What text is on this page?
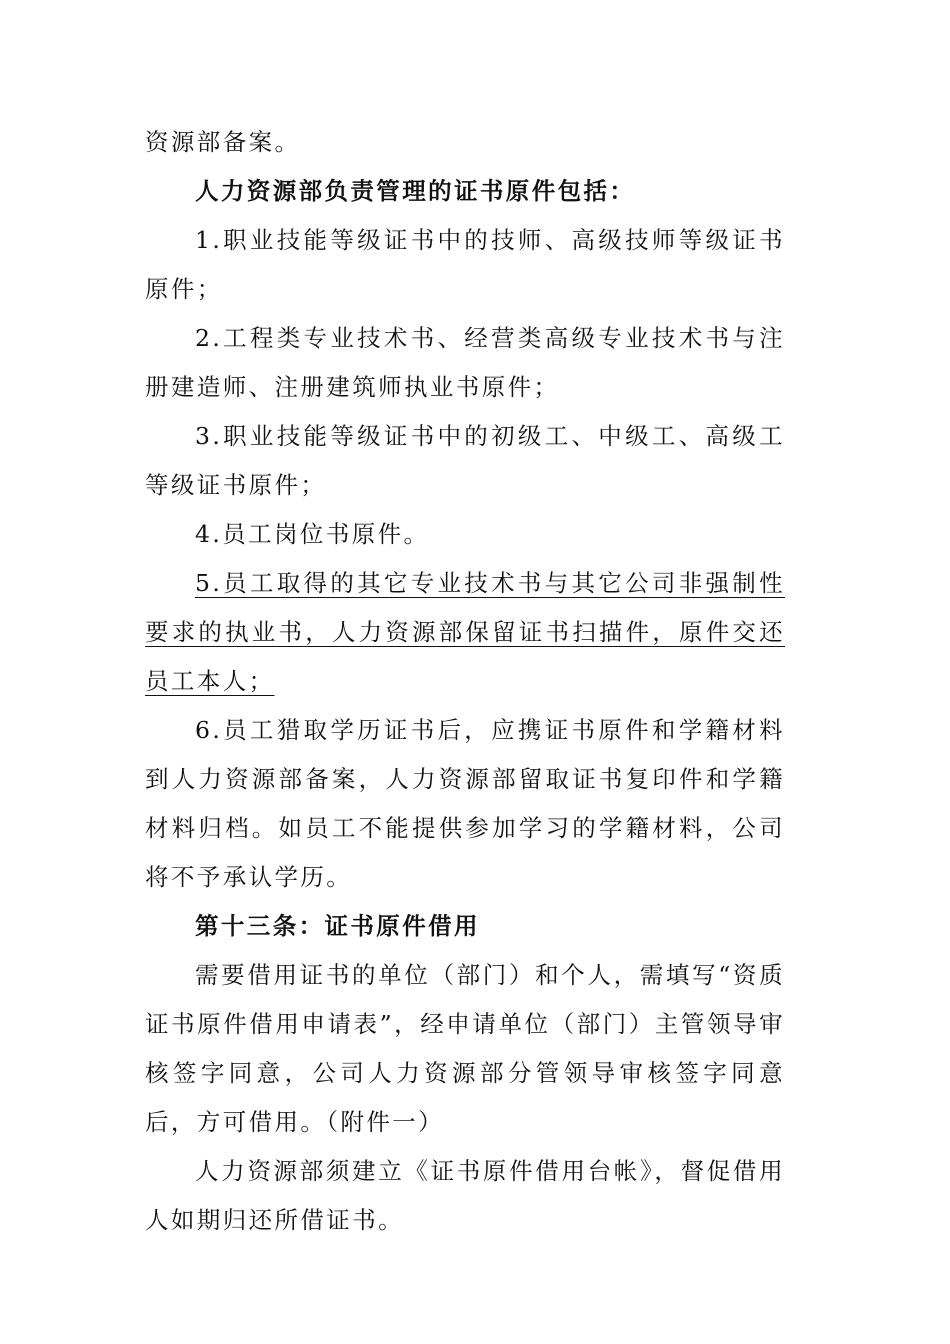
资源部备案。

人力资源部负责管理的证书原件包括：

1.职业技能等级证书中的技师、高级技师等级证书原件；

2.工程类专业技术书、经营类高级专业技术书与注册建造师、注册建筑师执业书原件；

3.职业技能等级证书中的初级工、中级工、高级工等级证书原件；

4.员工岗位书原件。

5.员工取得的其它专业技术书与其它公司非强制性要求的执业书，人力资源部保留证书扫描件，原件交还员工本人；

6.员工猎取学历证书后，应携证书原件和学籍材料到人力资源部备案，人力资源部留取证书复印件和学籍材料归档。如员工不能提供参加学习的学籍材料，公司将不予承认学历。

第十三条：证书原件借用

需要借用证书的单位（部门）和个人，需填写“资质证书原件借用申请表”，经申请单位（部门）主管领导审核签字同意，公司人力资源部分管领导审核签字同意后，方可借用。（附件一）

人力资源部须建立《证书原件借用台帐》，督促借用人如期归还所借证书。
